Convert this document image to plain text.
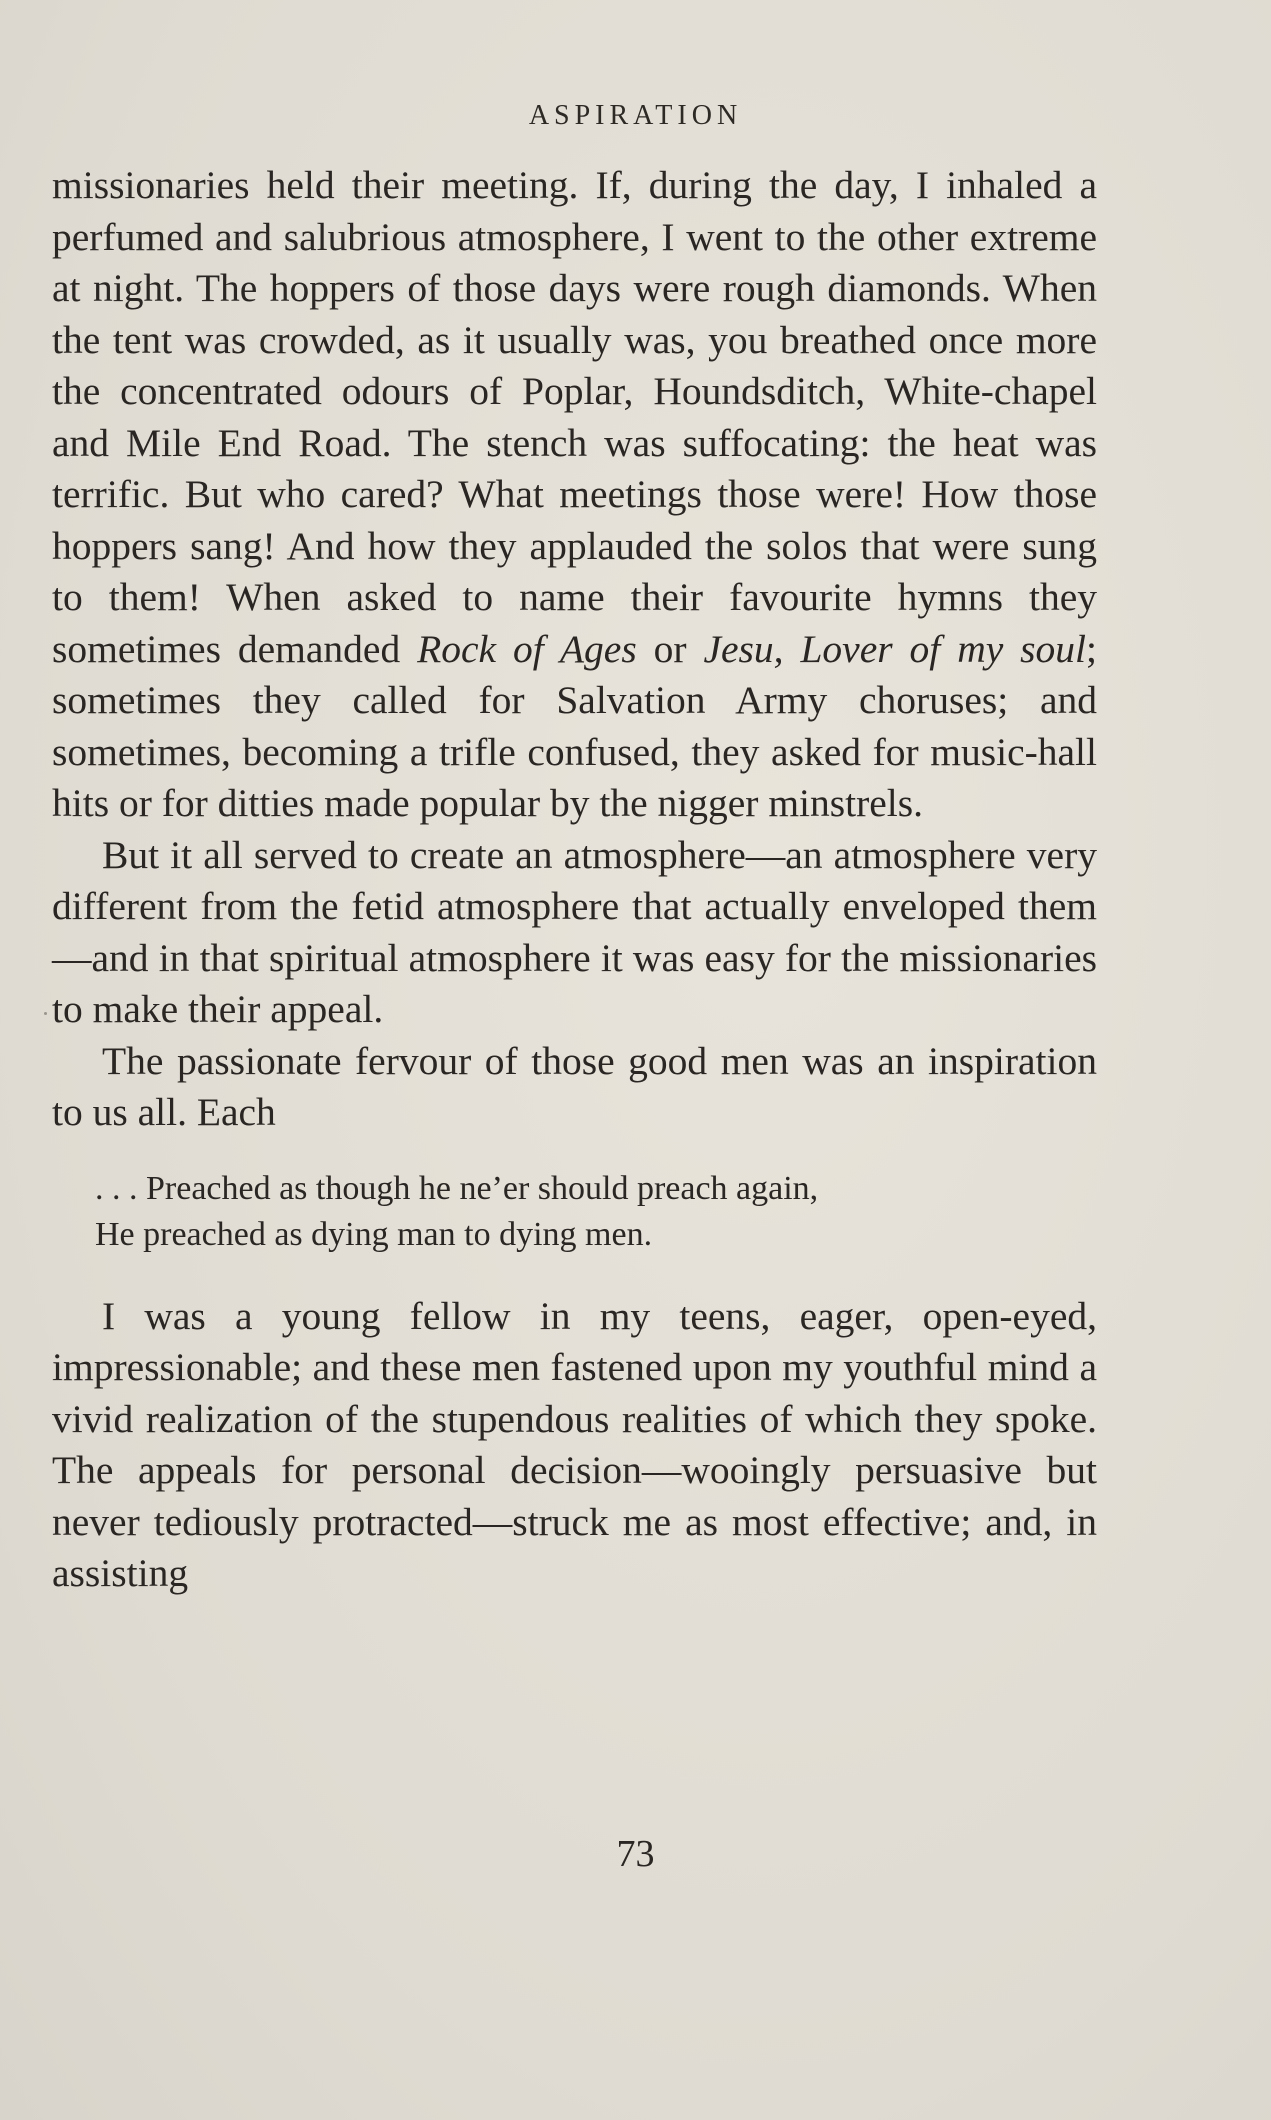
ASPIRATION

missionaries held their meeting. If, during the day, I inhaled a perfumed and salubrious atmosphere, I went to the other extreme at night. The hoppers of those days were rough diamonds. When the tent was crowded, as it usually was, you breathed once more the concentrated odours of Poplar, Houndsditch, White-chapel and Mile End Road. The stench was suffocating: the heat was terrific. But who cared? What meetings those were! How those hoppers sang! And how they applauded the solos that were sung to them! When asked to name their favourite hymns they sometimes demanded Rock of Ages or Jesu, Lover of my soul; sometimes they called for Salvation Army choruses; and sometimes, becoming a trifle confused, they asked for music-hall hits or for ditties made popular by the nigger minstrels.

But it all served to create an atmosphere—an atmosphere very different from the fetid atmosphere that actually enveloped them—and in that spiritual atmosphere it was easy for the missionaries to make their appeal.

The passionate fervour of those good men was an inspiration to us all. Each

. . . Preached as though he ne’er should preach again,
He preached as dying man to dying men.

I was a young fellow in my teens, eager, open-eyed, impressionable; and these men fastened upon my youthful mind a vivid realization of the stupendous realities of which they spoke. The appeals for personal decision—wooingly persuasive but never tediously protracted—struck me as most effective; and, in assisting

73
